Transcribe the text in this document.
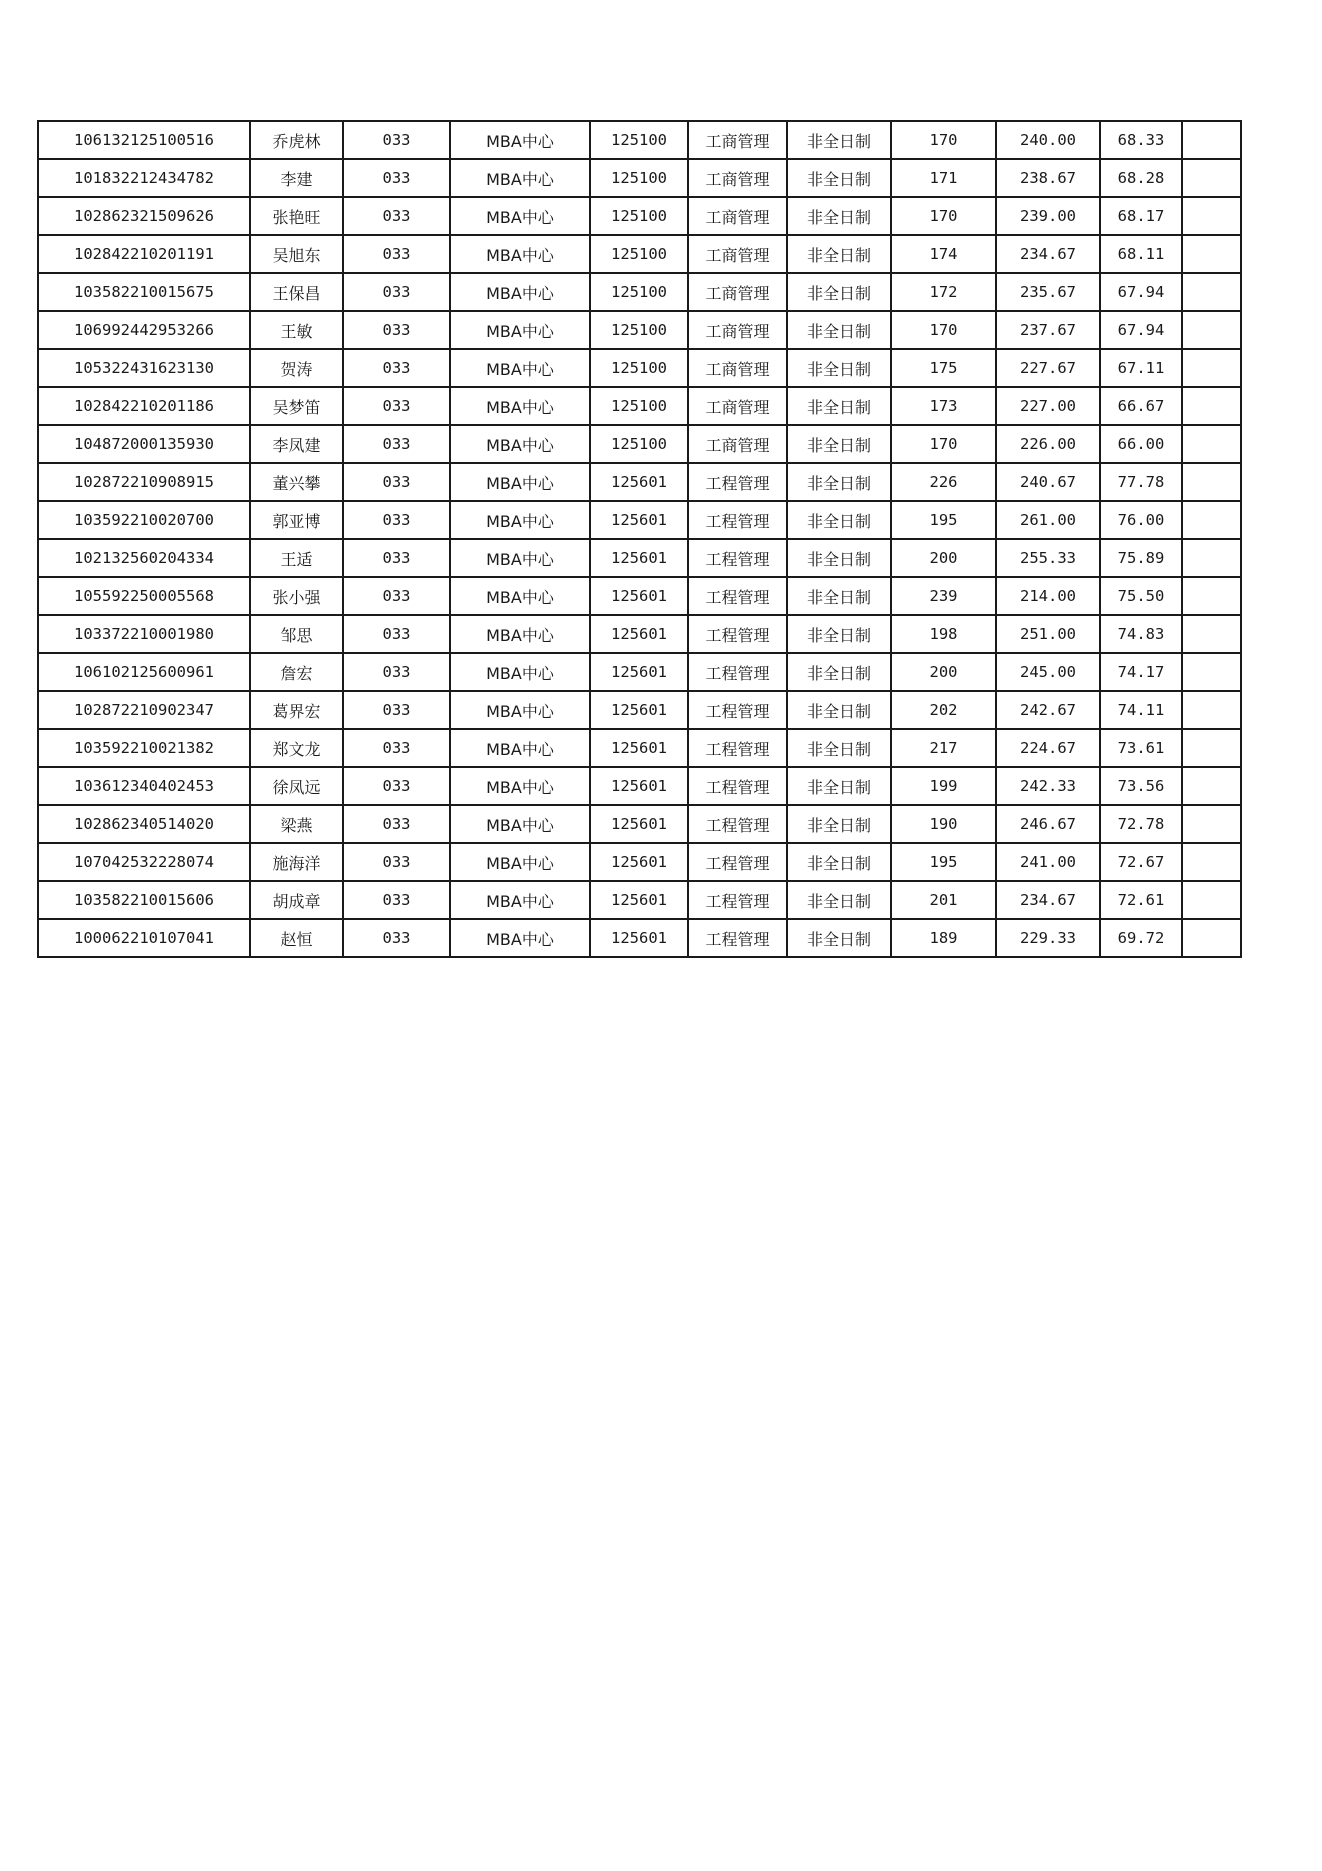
106132125100516	乔虎林	033	MBA中心	125100	工商管理	非全日制	170	240.00	68.33	
101832212434782	李建	033	MBA中心	125100	工商管理	非全日制	171	238.67	68.28	
102862321509626	张艳旺	033	MBA中心	125100	工商管理	非全日制	170	239.00	68.17	
102842210201191	吴旭东	033	MBA中心	125100	工商管理	非全日制	174	234.67	68.11	
103582210015675	王保昌	033	MBA中心	125100	工商管理	非全日制	172	235.67	67.94	
106992442953266	王敏	033	MBA中心	125100	工商管理	非全日制	170	237.67	67.94	
105322431623130	贺涛	033	MBA中心	125100	工商管理	非全日制	175	227.67	67.11	
102842210201186	吴梦笛	033	MBA中心	125100	工商管理	非全日制	173	227.00	66.67	
104872000135930	李凤建	033	MBA中心	125100	工商管理	非全日制	170	226.00	66.00	
102872210908915	董兴攀	033	MBA中心	125601	工程管理	非全日制	226	240.67	77.78	
103592210020700	郭亚博	033	MBA中心	125601	工程管理	非全日制	195	261.00	76.00	
102132560204334	王适	033	MBA中心	125601	工程管理	非全日制	200	255.33	75.89	
105592250005568	张小强	033	MBA中心	125601	工程管理	非全日制	239	214.00	75.50	
103372210001980	邹思	033	MBA中心	125601	工程管理	非全日制	198	251.00	74.83	
106102125600961	詹宏	033	MBA中心	125601	工程管理	非全日制	200	245.00	74.17	
102872210902347	葛界宏	033	MBA中心	125601	工程管理	非全日制	202	242.67	74.11	
103592210021382	郑文龙	033	MBA中心	125601	工程管理	非全日制	217	224.67	73.61	
103612340402453	徐凤远	033	MBA中心	125601	工程管理	非全日制	199	242.33	73.56	
102862340514020	梁燕	033	MBA中心	125601	工程管理	非全日制	190	246.67	72.78	
107042532228074	施海洋	033	MBA中心	125601	工程管理	非全日制	195	241.00	72.67	
103582210015606	胡成章	033	MBA中心	125601	工程管理	非全日制	201	234.67	72.61	
100062210107041	赵恒	033	MBA中心	125601	工程管理	非全日制	189	229.33	69.72	
